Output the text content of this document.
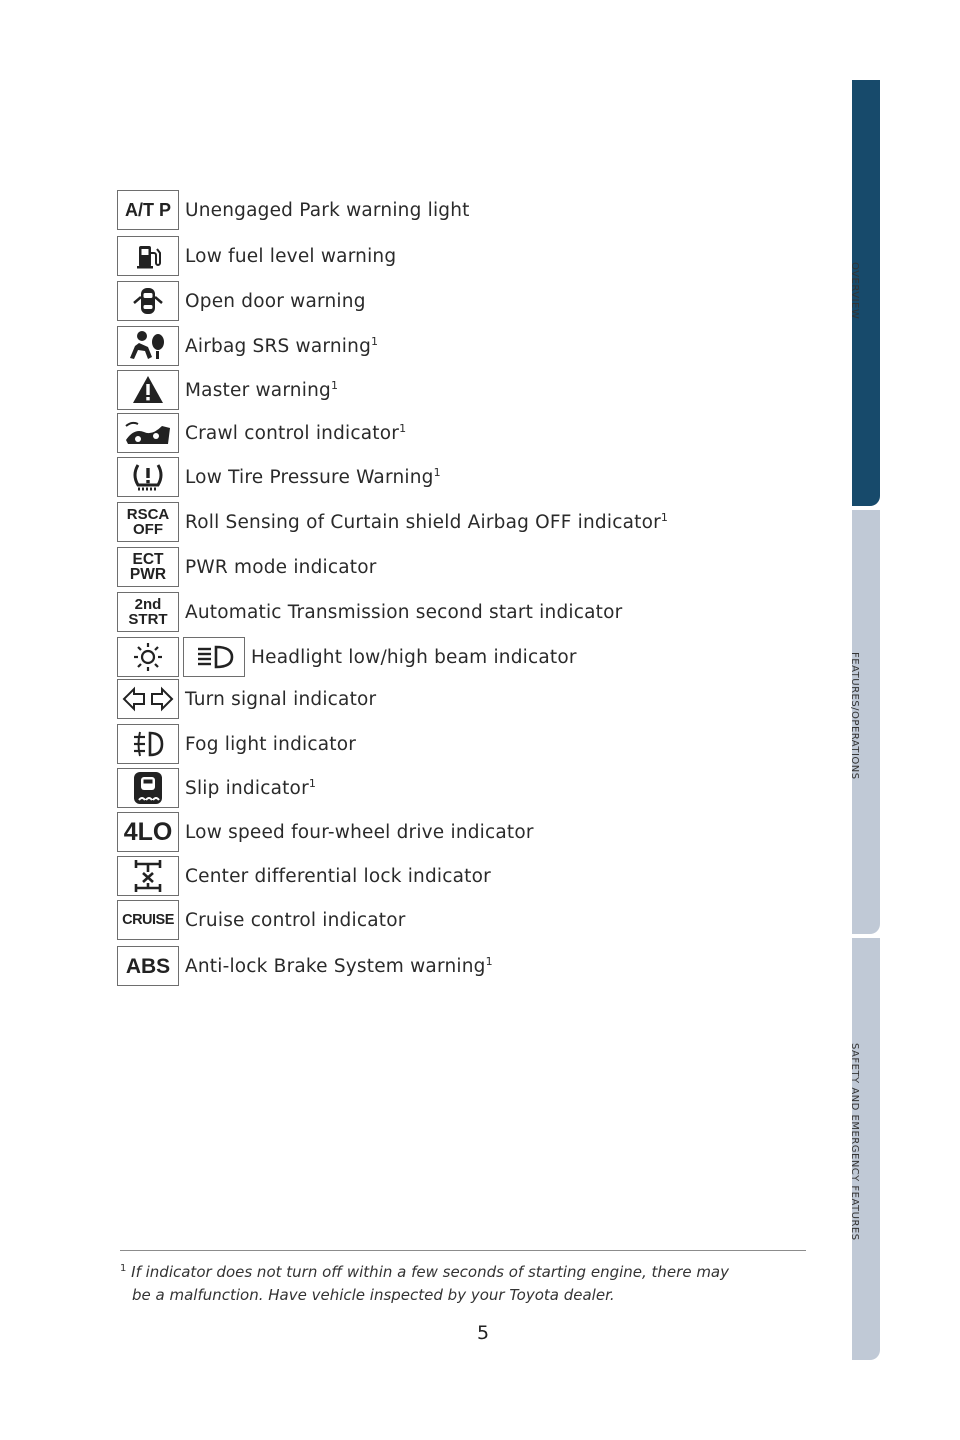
OVERVIEW
FEATURES/OPERATIONS
SAFETY AND EMERGENCY FEATURES
A/T P Unengaged Park warning light
Low fuel level warning
Open door warning
Airbag SRS warning$^1$
Master warning$^1$
Crawl control indicator$^1$
Low Tire Pressure Warning$^1$
RSCA
OFF	Roll Sensing of Curtain shield Airbag OFF indicator$^1$
ECT
PWR PWR mode indicator
2nd
STRT Automatic Transmission second start indicator
Headlight low/high beam indicator
Turn signal indicator
Fog light indicator
Slip indicator$^1$
4LO Low speed four-wheel drive indicator
Center differential lock indicator
CRUISE Cruise control indicator
ABS Anti-lock Brake System warning$^1$
$^1$ If indicator does not turn off within a few seconds of starting engine, there may
be a malfunction. Have vehicle inspected by your Toyota dealer.
5
